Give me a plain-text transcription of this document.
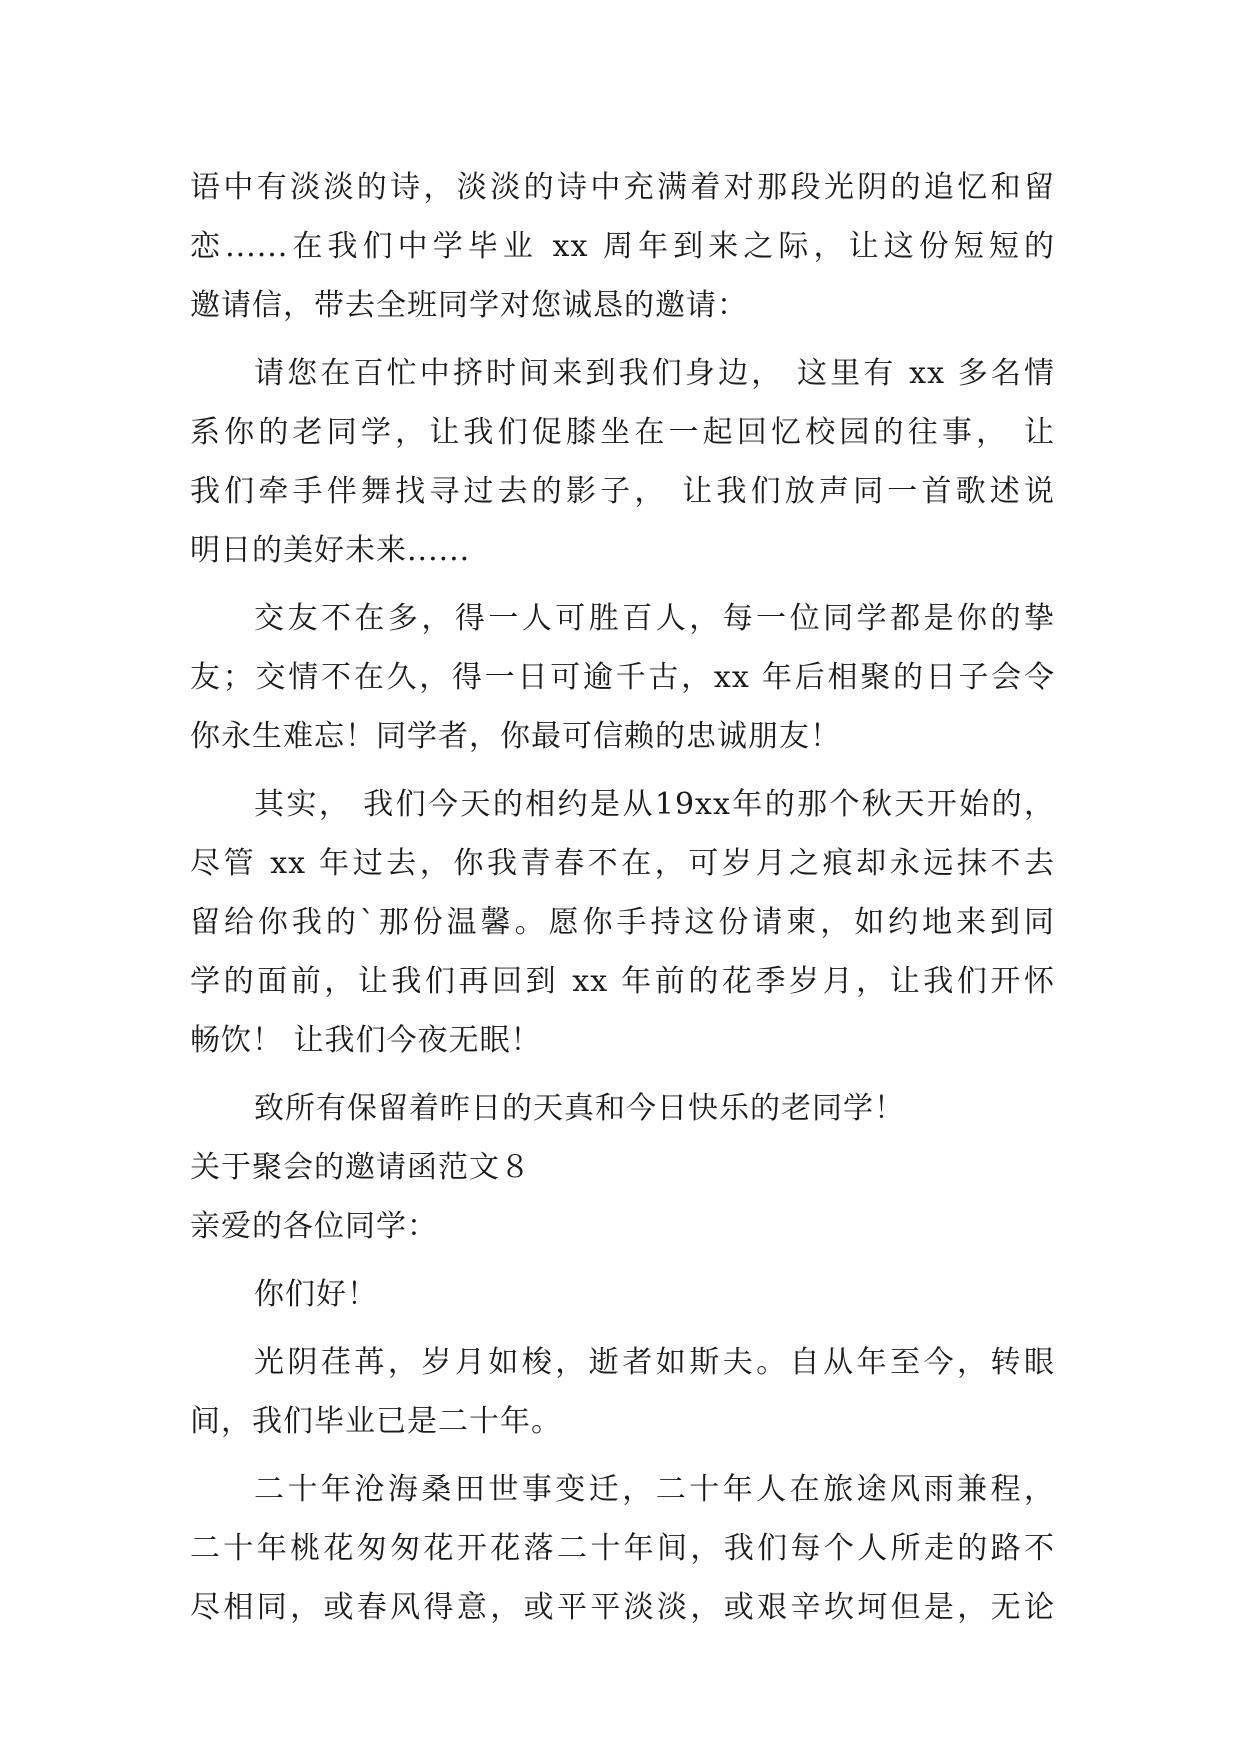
语中有淡淡的诗，淡淡的诗中充满着对那段光阴的追忆和留
恋......在我们中学毕业 xx 周年到来之际，让这份短短的
邀请信，带去全班同学对您诚恳的邀请：
请您在百忙中挤时间来到我们身边， 这里有 xx 多名情
系你的老同学，让我们促膝坐在一起回忆校园的往事， 让
我们牵手伴舞找寻过去的影子， 让我们放声同一首歌述说
明日的美好未来......
交友不在多，得一人可胜百人，每一位同学都是你的挚
友；交情不在久，得一日可逾千古，xx 年后相聚的日子会令
你永生难忘！同学者，你最可信赖的忠诚朋友！
其实， 我们今天的相约是从19xx年的那个秋天开始的，
尽管 xx 年过去，你我青春不在，可岁月之痕却永远抹不去
留给你我的`那份温馨。愿你手持这份请柬，如约地来到同
学的面前，让我们再回到 xx 年前的花季岁月，让我们开怀
畅饮！ 让我们今夜无眠！
致所有保留着昨日的天真和今日快乐的老同学！
关于聚会的邀请函范文８
亲爱的各位同学：
你们好！
光阴荏苒，岁月如梭，逝者如斯夫。自从年至今，转眼
间，我们毕业已是二十年。
二十年沧海桑田世事变迁，二十年人在旅途风雨兼程，
二十年桃花匆匆花开花落二十年间，我们每个人所走的路不
尽相同，或春风得意，或平平淡淡，或艰辛坎坷但是，无论
